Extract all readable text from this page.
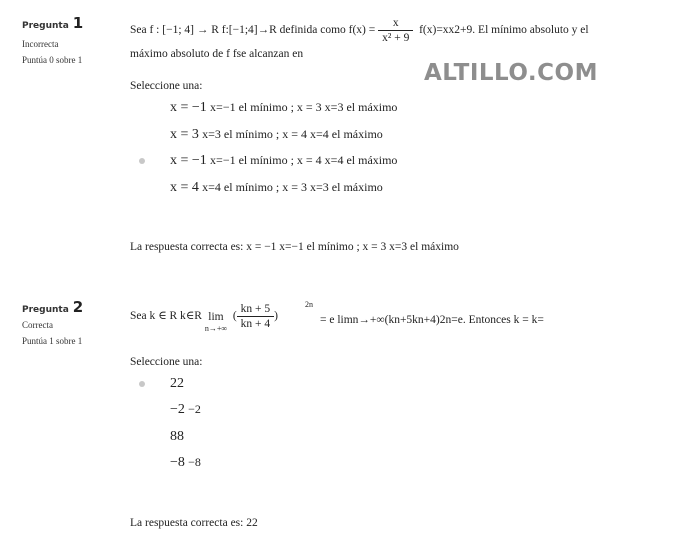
ALTILLO.COM
Pregunta 1
Incorrecta
Puntúa 0 sobre 1
Sea f : [−1; 4] → R f:[−1;4]→R definida como $f(x) = \frac{x}{\text{x² + 9}} f(x)=xx2+9$. El mínimo absoluto y el
máximo absoluto de f fse alcanzan en
Seleccione una:
x = −1 x=−1 el mínimo ; x = 3 x=3 el máximo
x = 3 x=3 el mínimo ; x = 4 x=4 el máximo
x = −1 x=−1 el mínimo ; x = 4 x=4 el máximo
x = 4 x=4 el mínimo ; x = 3 x=3 el máximo
La respuesta correcta es: x = −1 x=−1 el mínimo ; x = 3 x=3 el máximo
Pregunta 2
Correcta
Puntúa 1 sobre 1
Sea k ∈ R k∈R lim
n→+∞
( $\frac{kn + 5}{kn + 4}$ )
2n
= e limn→+∞(kn+5kn+4)2n=e. Entonces k = k=
Seleccione una:
22
−2 −2
88
−8 −8
La respuesta correcta es: 22
